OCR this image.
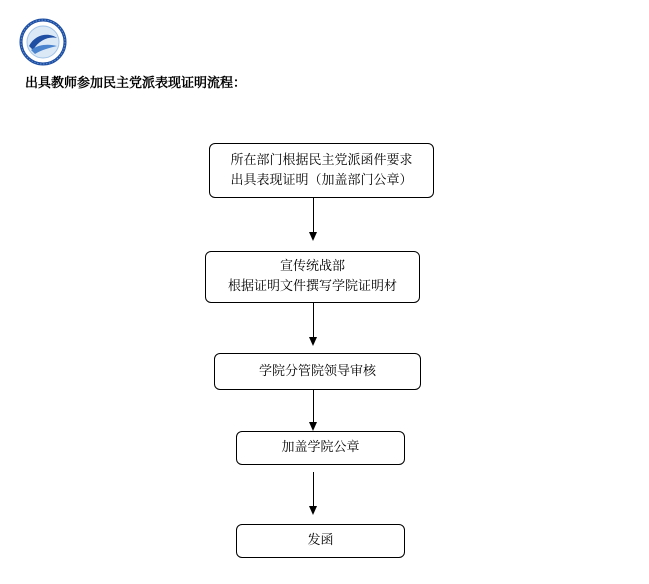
出具教师参加民主党派表现证明流程：
所在部门根据民主党派函件要求
出具表现证明（加盖部门公章）
宣传统战部
根据证明文件撰写学院证明材
学院分管院领导审核
加盖学院公章
发函
